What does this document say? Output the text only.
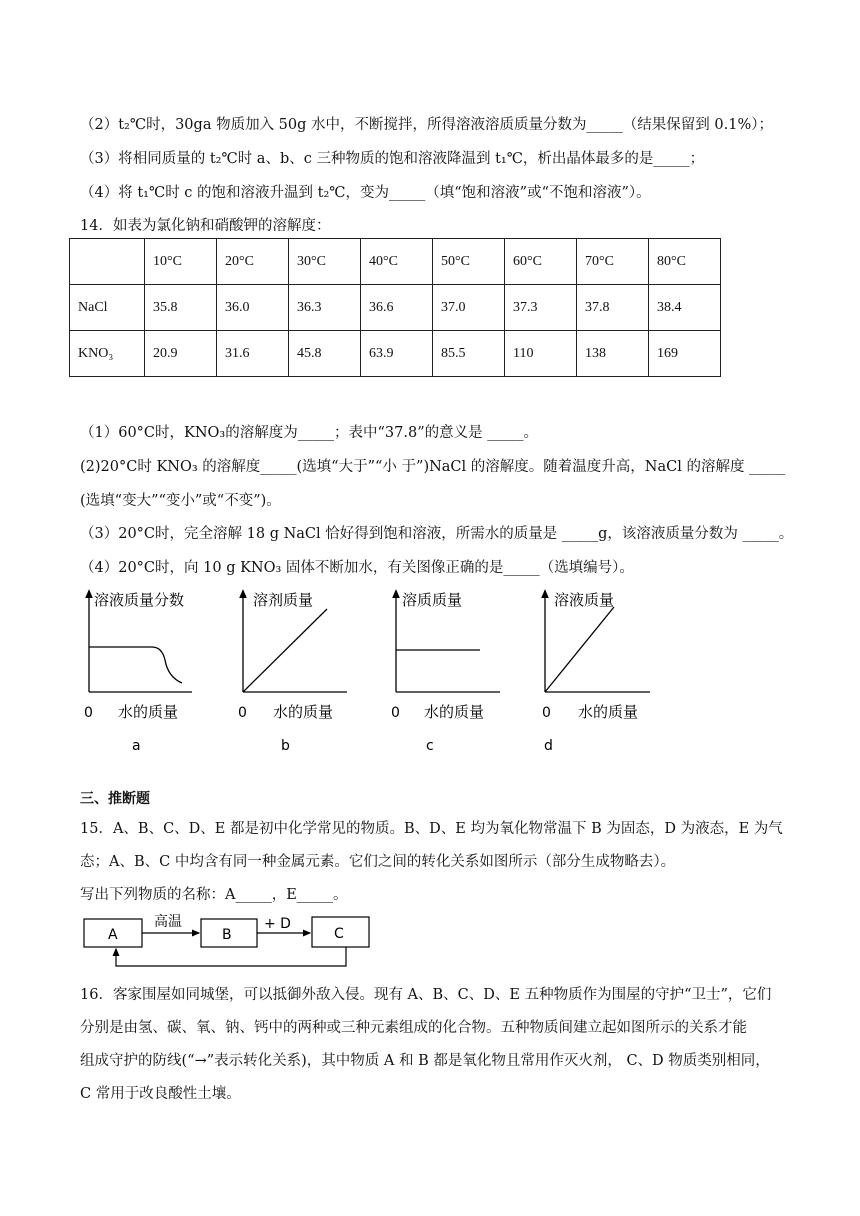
（2）t₂℃时，30ga 物质加入 50g 水中，不断搅拌，所得溶液溶质质量分数为_____（结果保留到 0.1%）；
（3）将相同质量的 t₂℃时 a、b、c 三种物质的饱和溶液降温到 t₁℃，析出晶体最多的是_____；
（4）将 t₁℃时 c 的饱和溶液升温到 t₂℃，变为_____（填“饱和溶液”或“不饱和溶液”）。
14．如表为氯化钠和硝酸钾的溶解度：
	10°C	20°C	30°C	40°C	50°C	60°C	70°C	80°C
NaCl	35.8	36.0	36.3	36.6	37.0	37.3	37.8	38.4
KNO₃	20.9	31.6	45.8	63.9	85.5	110	138	169
（1）60°C时，KNO₃的溶解度为_____；表中“37.8”的意义是 _____。
(2)20°C时 KNO₃ 的溶解度_____(选填“大于”“小 于”)NaCl 的溶解度。随着温度升高，NaCl 的溶解度 _____
(选填“变大”“变小”或“不变”)。
（3）20°C时，完全溶解 18 g NaCl 恰好得到饱和溶液，所需水的质量是 _____g，该溶液质量分数为 _____。
（4）20°C时，向 10 g KNO₃ 固体不断加水，有关图像正确的是_____（选填编号）。
溶液质量分数
0 水的质量
a
溶剂质量
0 水的质量
b
溶质质量
0 水的质量
c
溶液质量
0 水的质量
d
三、推断题
15．A、B、C、D、E 都是初中化学常见的物质。B、D、E 均为氧化物常温下 B 为固态，D 为液态，E 为气
态；A、B、C 中均含有同一种金属元素。它们之间的转化关系如图所示（部分生成物略去）。
写出下列物质的名称：A_____，E_____。
A	B	C
高温	+ D
16．客家围屋如同城堡，可以抵御外敌入侵。现有 A、B、C、D、E 五种物质作为围屋的守护“卫士”，它们
分别是由氢、碳、氧、钠、钙中的两种或三种元素组成的化合物。五种物质间建立起如图所示的关系才能
组成守护的防线(“→”表示转化关系)，其中物质 A 和 B 都是氧化物且常用作灭火剂， C、D 物质类别相同，
C 常用于改良酸性土壤。
